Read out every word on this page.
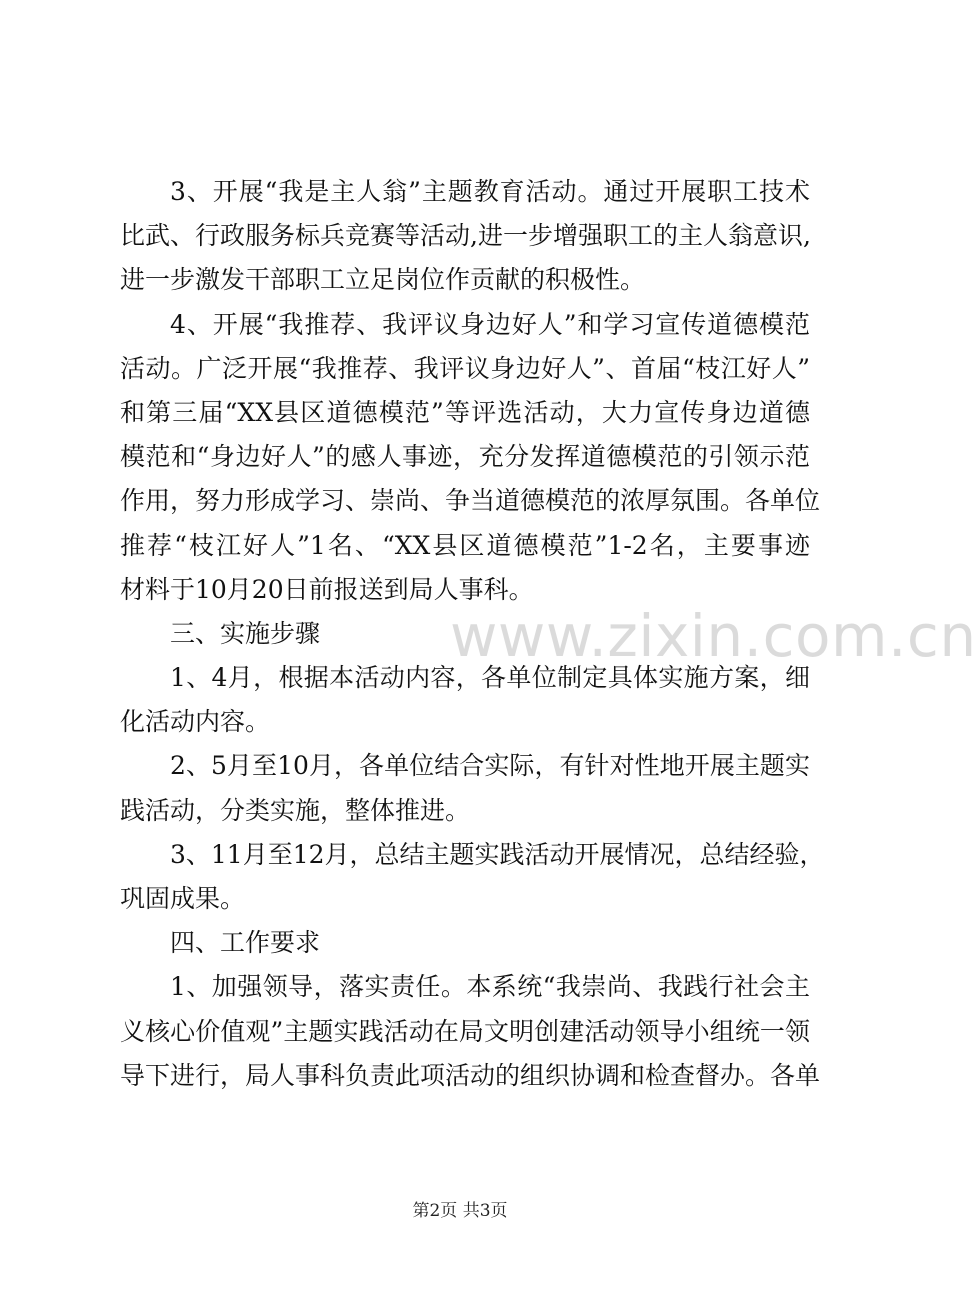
3、开展“我是主人翁”主题教育活动。通过开展职工技术
比武、行政服务标兵竞赛等活动,进一步增强职工的主人翁意识,
进一步激发干部职工立足岗位作贡献的积极性。
4、开展“我推荐、我评议身边好人”和学习宣传道德模范
活动。广泛开展“我推荐、我评议身边好人”、首届“枝江好人”
和第三届“XX县区道德模范”等评选活动，大力宣传身边道德
模范和“身边好人”的感人事迹，充分发挥道德模范的引领示范
作用，努力形成学习、崇尚、争当道德模范的浓厚氛围。各单位
推荐“枝江好人”1名、“XX县区道德模范”1-2名，主要事迹
材料于10月20日前报送到局人事科。
三、实施步骤
1、4月，根据本活动内容，各单位制定具体实施方案，细
化活动内容。
2、5月至10月，各单位结合实际，有针对性地开展主题实
践活动，分类实施，整体推进。
3、11月至12月，总结主题实践活动开展情况，总结经验，
巩固成果。
四、工作要求
1、加强领导，落实责任。本系统“我崇尚、我践行社会主
义核心价值观”主题实践活动在局文明创建活动领导小组统一领
导下进行，局人事科负责此项活动的组织协调和检查督办。各单
www.zixin.com.cn
第2页 共3页
